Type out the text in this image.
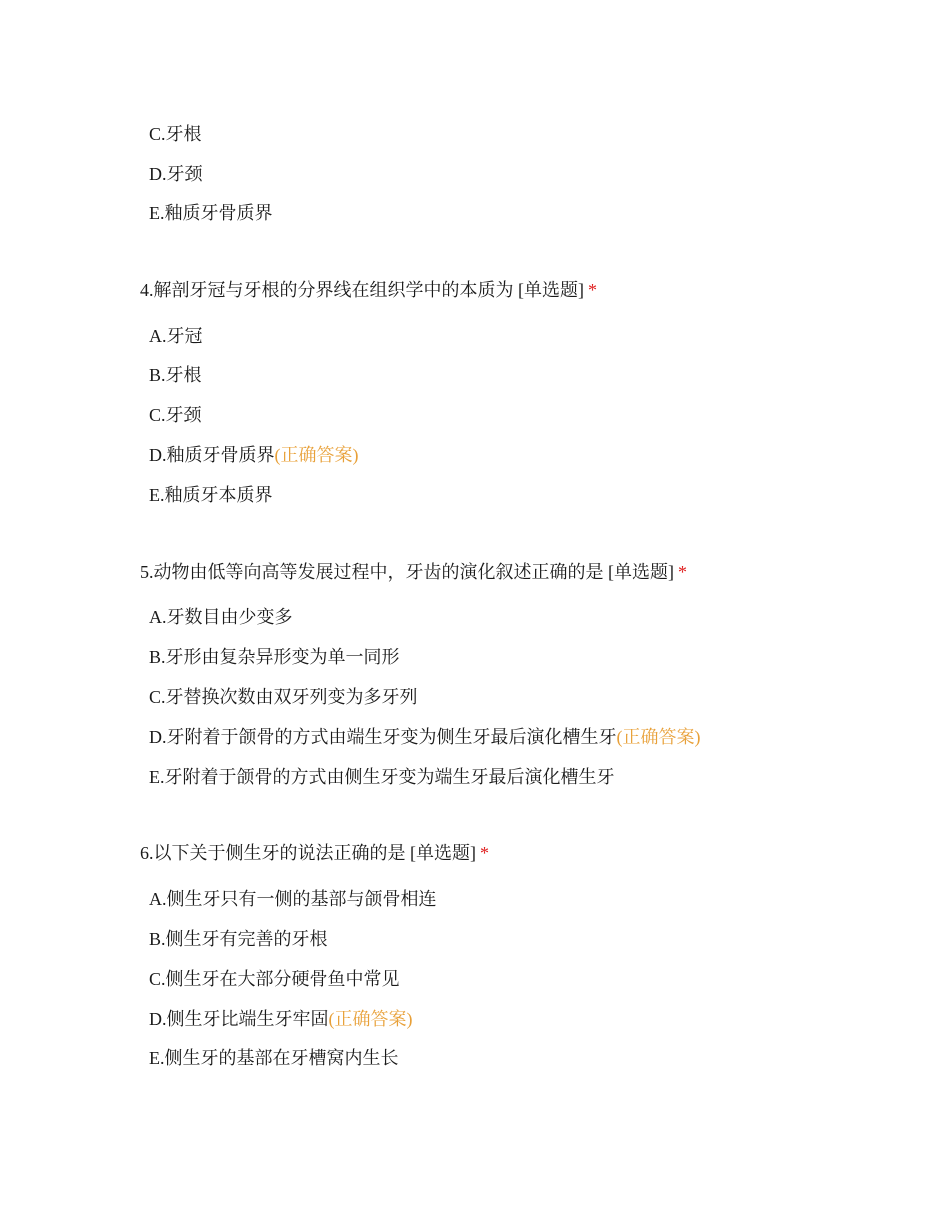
C.牙根
D.牙颈
E.釉质牙骨质界
4.解剖牙冠与牙根的分界线在组织学中的本质为 [单选题] *
A.牙冠
B.牙根
C.牙颈
D.釉质牙骨质界(正确答案)
E.釉质牙本质界
5.动物由低等向高等发展过程中，牙齿的演化叙述正确的是 [单选题] *
A.牙数目由少变多
B.牙形由复杂异形变为单一同形
C.牙替换次数由双牙列变为多牙列
D.牙附着于颌骨的方式由端生牙变为侧生牙最后演化槽生牙(正确答案)
E.牙附着于颌骨的方式由侧生牙变为端生牙最后演化槽生牙
6.以下关于侧生牙的说法正确的是 [单选题] *
A.侧生牙只有一侧的基部与颌骨相连
B.侧生牙有完善的牙根
C.侧生牙在大部分硬骨鱼中常见
D.侧生牙比端生牙牢固(正确答案)
E.侧生牙的基部在牙槽窝内生长
